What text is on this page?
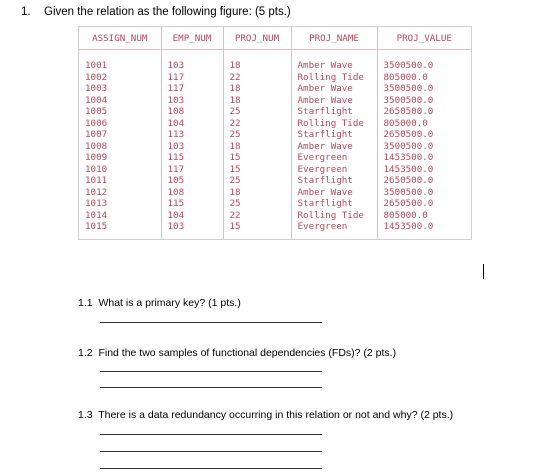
1. Given the relation as the following figure: (5 pts.)
ASSIGN_NUM	EMP_NUM	PROJ_NUM	PROJ_NAME	PROJ_VALUE

1001	103	18	Amber Wave	3500500.0
1002	117	22	Rolling Tide	805000.0
1003	117	18	Amber Wave	3500500.0
1004	103	18	Amber Wave	3500500.0
1005	108	25	Starflight	2650500.0
1006	104	22	Rolling Tide	805000.0
1007	113	25	Starflight	2650500.0
1008	103	18	Amber Wave	3500500.0
1009	115	15	Evergreen	1453500.0
1010	117	15	Evergreen	1453500.0
1011	105	25	Starflight	2650500.0
1012	108	18	Amber Wave	3500500.0
1013	115	25	Starflight	2650500.0
1014	104	22	Rolling Tide	805000.0
1015	103	15	Evergreen	1453500.0
1.1 What is a primary key? (1 pts.)
1.2 Find the two samples of functional dependencies (FDs)? (2 pts.)
1.3 There is a data redundancy occurring in this relation or not and why? (2 pts.)
